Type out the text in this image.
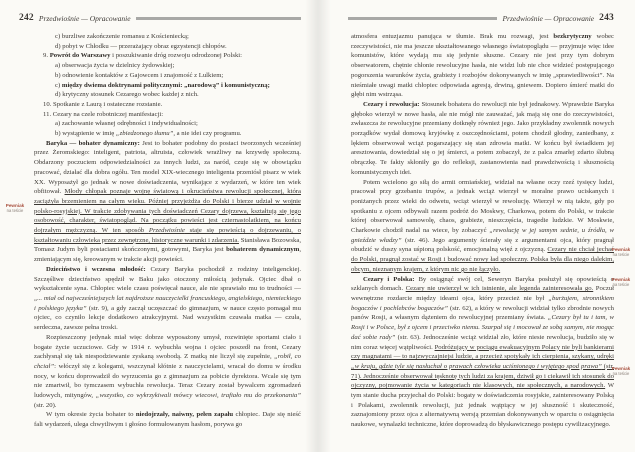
242 Przedwiośnie — Opracowanie

c) burzliwe zakończenie romansu z Kościeniecką;

d) pobyt w Chłodku — przerażający obraz egzystencji chłopów.

9. Powrót do Warszawy i poszukiwanie dróg rozwoju odrodzonej Polski:

a) obserwacja życia w dzielnicy żydowskiej;

b) odnowienie kontaktów z Gajowcem i znajomość z Lulkiem;

c) między dwiema doktrynami politycznymi: „narodową” i komunistyczną;

d) krytyczny stosunek Cezarego wobec każdej z nich.

10. Spotkanie z Laurą i ostateczne rozstanie.

11. Cezary na czele robotniczej manifestacji:

a) zachowanie własnej odrębności i indywidualności;

b) wystąpienie w imię „zbiedzonego tłumu”, a nie idei czy programu.

Baryka — bohater dynamiczny: Jest to bohater podobny do postaci tworzonych wcześniej przez Żeromskiego: inteligent, patriota, altruista, człowiek wrażliwy na krzywdę społeczną. Obdarzony poczuciem odpowiedzialności za innych ludzi, za naród, czuje się w obowiązku pracować, działać dla dobra ogółu. Ten model XIX-wiecznego inteligenta przeniósł pisarz w wiek XX. Wyposażył go jednak w nowe doświadczenia, wynikające z wydarzeń, w które ten wiek obfitował. Młody chłopak poznaje wojnę światową i okrucieństwa rewolucji społecznej, która zaciążyła brzemieniem na całym wieku. Później przyjeżdża do Polski i bierze udział w wojnie polsko-rosyjskiej. W trakcie zdobywania tych doświadczeń Cezary dojrzewa, kształtują się jego osobowość, charakter, światopogląd. Na początku powieści jest czternastolatkiem, na końcu dojrzałym mężczyzną. W ten sposób Przedwiośnie staje się powieścią o dojrzewaniu, o kształtowaniu człowieka przez zewnętrzne, historyczne warunki i zdarzenia. Stanisława Bozowska, Tomasz Judym byli postaciami skończonymi, gotowymi, Baryka jest bohaterem dynamicznym, zmieniającym się, kreowanym w trakcie akcji powieści.

Dzieciństwo i wczesna młodość: Cezary Baryka pochodził z rodziny inteligenckiej. Szczęśliwe dzieciństwo spędził w Baku jako otoczony miłością jedynak. Ojciec dbał o wykształcenie syna. Chłopiec wiele czasu poświęcał nauce, ale nie sprawiało mu to trudności — „... miał od najwcześniejszych lat najdroższe nauczycielki francuskiego, angielskiego, niemieckiego i polskiego języka” (str. 9), a gdy zaczął uczęszczać do gimnazjum, w nauce często pomagał mu ojciec, co czyniło lekcje dodatkowo atrakcyjnymi. Nad wszystkim czuwała matka — czuła, serdeczna, zawsze pełna troski.

Rozpieszczony jedynak miał więc dobrze wyposażony umysł, rozwinięte sportami ciało i bogate życie uczuciowe. Gdy w 1914 r. wybuchła wojna i ojciec poszedł na front, Cezary zachłysnął się tak niespodziewanie zyskaną swobodą. Z matką nie liczył się zupełnie, „robił, co chciał”: włóczył się z kolegami, wszczynał kłótnie z nauczycielami, wracał do domu w środku nocy, w końcu doprowadził do wyrzucenia go z gimnazjum za pobicie dyrektora. Wcale się tym nie zmartwił, bo tymczasem wybuchła rewolucja. Teraz Cezary został bywalcem zgromadzeń ludowych, mityngów, „wszystko, co wykrzykiwali mówcy wiecowi, trafiało mu do przekonania” (str. 20).

W tym okresie życia bohater to niedojrzały, naiwny, pełen zapału chłopiec. Daje się nieść fali wydarzeń, ulega chwytliwym i głośno formułowanym hasłom, porywa go

Przedwiośnie — Opracowanie 243

atmosfera entuzjazmu panująca w tłumie. Brak mu rozwagi, jest bezkrytyczny wobec rzeczywistości, nie ma jeszcze ukształtowanego własnego światopoglądu — przyjmuje więc idee komunistów, które wydają mu się jedynie słuszne. Cezary nie jest przy tym dobrym obserwatorem, chętnie chłonie rewolucyjne hasła, nie widzi lub nie chce widzieć postępującego pogorszenia warunków życia, grabieży i rozbojów dokonywanych w imię „sprawiedliwości”. Na nieśmiałe uwagi matki chłopiec odpowiada agresją, drwiną, gniewem. Dopiero śmierć matki do głębi nim wstrząsa.

Cezary i rewolucja: Stosunek bohatera do rewolucji nie był jednakowy. Wprawdzie Baryka głęboko wierzył w nowe hasła, ale nie mógł nie zauważać, jak mają się one do rzeczywistości, zwłaszcza że rewolucyjne przemiany dotknęły również jego. Jako przykładny zwolennik nowych porządków wydał domową kryjówkę z oszczędnościami, potem chodził głodny, zaniedbany, z lękiem obserwował wciąż pogarszający się stan zdrowia matki. W końcu był świadkiem jej aresztowania, dowiedział się o jej śmierci, a potem zobaczył, że z palca zmarłej zdarto ślubną obrączkę. Te fakty skłoniły go do refleksji, zastanowienia nad prawdziwością i słusznością komunistycznych idei.

Potem wcielono go siłą do armii ormiańskiej, widział na własne oczy rzeź tysięcy ludzi, pracował przy grzebaniu trupów, a jednak wciąż wierzył w moralne prawo uciskanych i poniżanych przez wieki do odwetu, wciąż wierzył w rewolucję. Wierzył w nią także, gdy po spotkaniu z ojcem odbywali razem podróż do Moskwy, Charkowa, potem do Polski, w trakcie której obserwował samowolę, chaos, grabieże, nieszczęścia, tragedie ludzkie. W Moskwie, Charkowie chodził nadal na wiece, by zobaczyć „rewolucję w jej samym sednie, u źródła, w gnieździe władzy” (str. 46). Jego argumenty ścierały się z argumentami ojca, który pragnął obudzić w duszy syna uśpioną polskość, emocjonalną więź z ojczyzną. Cezary nie chciał jechać do Polski, pragnął zostać w Rosji i budować nowy ład społeczny. Polska była dla niego dalekim, obcym, nieznanym krajem, z którym nic go nie łączyło.

Cezary i Polska: By osiągnąć swój cel, Seweryn Baryka posłużył się opowieścią o szklanych domach. Cezary nie uwierzył w ich istnienie, ale legenda zainteresowała go. Poczuł wewnętrzne rozdarcie między ideami ojca, który przecież nie był „burżujem, stronnikiem bogaczów i pochlebców bogaczów” (str. 62), a który w rewolucji widział tylko zbrodnie nowych panów Rosji, a własnym dążeniem do rewolucyjnej przemiany świata. „Cezary był tu i tam, w Rosji i w Polsce, był z ojcem i przeciwko niemu. Szarpał się i mocował ze sobą samym, nie mogąc dać sobie rady” (str. 63). Jednocześnie wciąż widział zło, które niesie rewolucja, budziło się w nim coraz więcej wątpliwości. Podróżujący w pociągu ewakuacyjnym Polacy nie byli bankierami czy magnatami — to najzwyczajniejsi ludzie, a przecież spotykały ich cierpienia, szykany, udręki „w kraju, gdzie tyle się nasłuchał o prawach człowieka uciśnionego i wyjętego spod prawa” (str. 71). Jednocześnie obserwował tęsknotę tych ludzi za krajem, dziwił go i ciekawił ich stosunek do ojczyzny, pojmowanie życia w kategoriach nie klasowych, nie społecznych, a narodowych. W tym stanie ducha przyjechał do Polski: bogaty w doświadczenia rosyjskie, zainteresowany Polską i Polakami, zwolennik rewolucji, już jednak wątpiący w jej słuszność i skuteczność, zaznajomiony przez ojca z alternatywną wersją przemian dokonywanych w oparciu o osiągnięcia naukowe, wynalazki techniczne, które doprowadzą do błyskawicznego postępu cywilizacyjnego.

Pewniak
na teście
Pewniak
na teście
Pewniak
na teście
Pewniak
na teście
